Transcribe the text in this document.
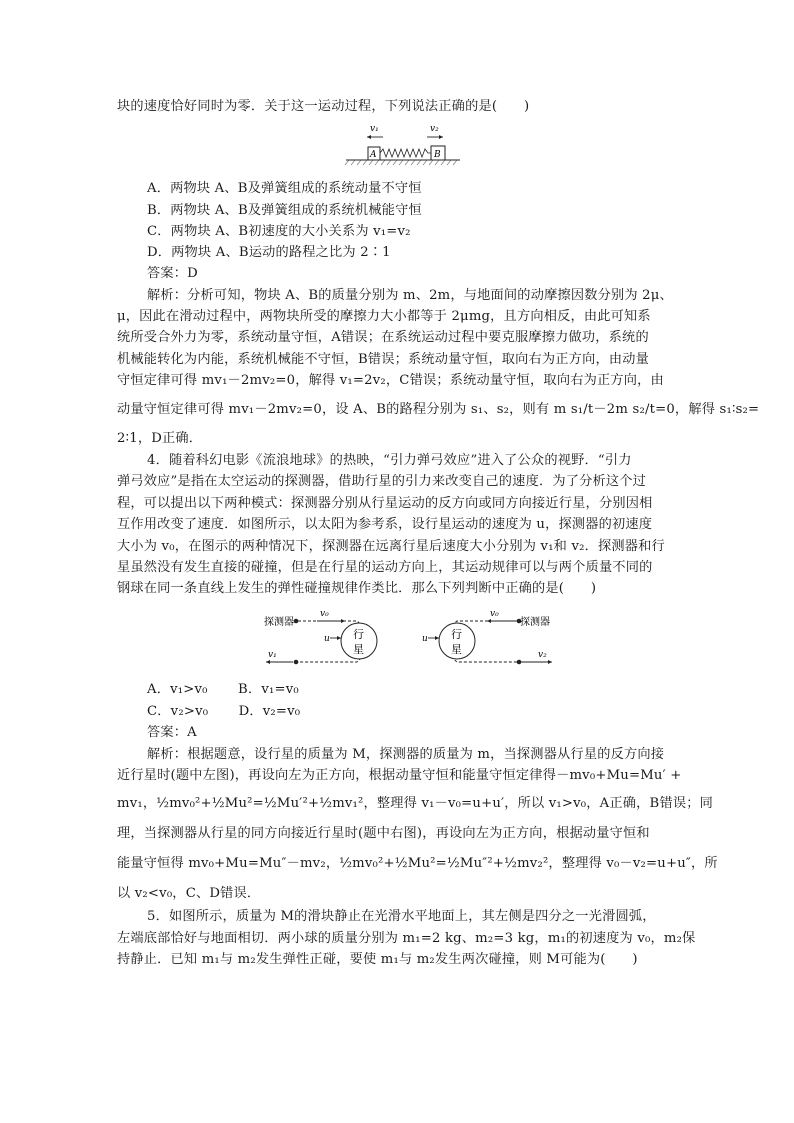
块的速度恰好同时为零．关于这一运动过程，下列说法正确的是(　　)
v₁	v₂
A	B
A．两物块 A、B及弹簧组成的系统动量不守恒
B．两物块 A、B及弹簧组成的系统机械能守恒
C．两物块 A、B初速度的大小关系为 v₁=v₂
D．两物块 A、B运动的路程之比为 2∶1
答案：D
解析：分析可知，物块 A、B的质量分别为 m、2m，与地面间的动摩擦因数分别为 2μ、
μ，因此在滑动过程中，两物块所受的摩擦力大小都等于 2μmg，且方向相反，由此可知系
统所受合外力为零，系统动量守恒，A错误；在系统运动过程中要克服摩擦力做功，系统的
机械能转化为内能，系统机械能不守恒，B错误；系统动量守恒，取向右为正方向，由动量
守恒定律可得 mv₁－2mv₂=0，解得 v₁=2v₂，C错误；系统动量守恒，取向右为正方向，由
动量守恒定律可得 mv₁－2mv₂=0，设 A、B的路程分别为 s₁、s₂，则有 m s₁/t－2m s₂/t=0，解得 s₁∶s₂=
2∶1，D正确．
4．随着科幻电影《流浪地球》的热映，“引力弹弓效应”进入了公众的视野．“引力
弹弓效应”是指在太空运动的探测器，借助行星的引力来改变自己的速度．为了分析这个过
程，可以提出以下两种模式：探测器分别从行星运动的反方向或同方向接近行星，分别因相
互作用改变了速度．如图所示，以太阳为参考系，设行星运动的速度为 u，探测器的初速度
大小为 v₀，在图示的两种情况下，探测器在远离行星后速度大小分别为 v₁和 v₂．探测器和行
星虽然没有发生直接的碰撞，但是在行星的运动方向上，其运动规律可以与两个质量不同的
钢球在同一条直线上发生的弹性碰撞规律作类比．那么下列判断中正确的是(　　)
探测器
v₀
行
星
u
v₁
u 行
星
v₀
探测器
v₂
A．v₁>v₀ B．v₁=v₀
C．v₂>v₀ D．v₂=v₀
答案：A
解析：根据题意，设行星的质量为 M，探测器的质量为 m，当探测器从行星的反方向接
近行星时(题中左图)，再设向左为正方向，根据动量守恒和能量守恒定律得－mv₀+Mu=Mu′ +
mv₁，½mv₀²+½Mu²=½Mu′²+½mv₁²，整理得 v₁－v₀=u+u′，所以 v₁>v₀，A正确，B错误；同
理，当探测器从行星的同方向接近行星时(题中右图)，再设向左为正方向，根据动量守恒和
能量守恒得 mv₀+Mu=Mu″－mv₂，½mv₀²+½Mu²=½Mu″²+½mv₂²，整理得 v₀－v₂=u+u″，所
以 v₂<v₀，C、D错误．
5．如图所示，质量为 M的滑块静止在光滑水平地面上，其左侧是四分之一光滑圆弧，
左端底部恰好与地面相切．两小球的质量分别为 m₁=2 kg、m₂=3 kg，m₁的初速度为 v₀，m₂保
持静止．已知 m₁与 m₂发生弹性正碰，要使 m₁与 m₂发生两次碰撞，则 M可能为(　　)
